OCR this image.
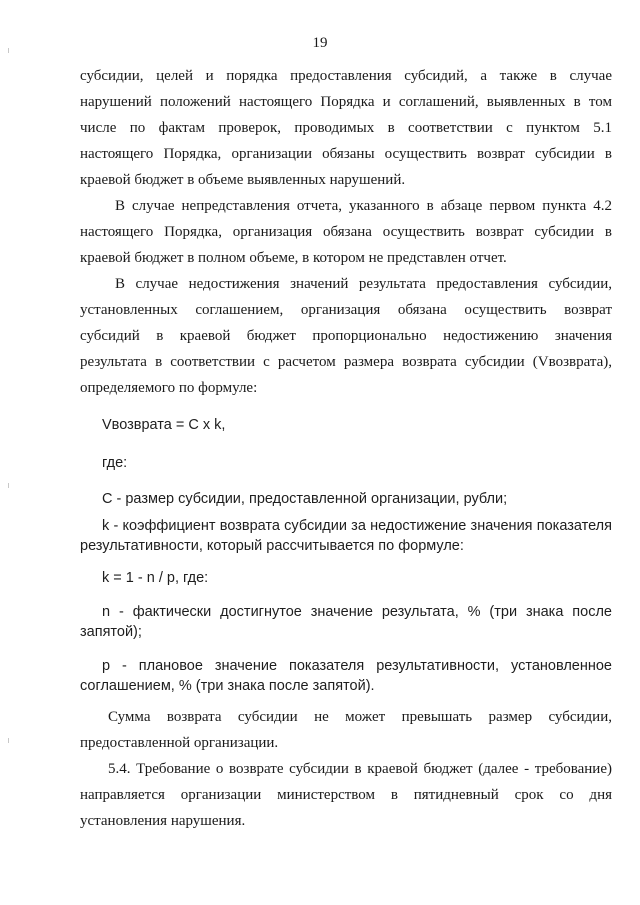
19

субсидии, целей и порядка предоставления субсидий, а также в случае

нарушений положений настоящего Порядка и соглашений, выявленных в том

числе по фактам проверок, проводимых в соответствии с пунктом 5.1

настоящего Порядка, организации обязаны осуществить возврат субсидии в

краевой бюджет в объеме выявленных нарушений.

В случае непредставления отчета, указанного в абзаце первом пункта 4.2

настоящего Порядка, организация обязана осуществить возврат субсидии в

краевой бюджет в полном объеме, в котором не представлен отчет.

В случае недостижения значений результата предоставления субсидии,

установленных соглашением, организация обязана осуществить возврат

субсидий в краевой бюджет пропорционально недостижению значения

результата в соответствии с расчетом размера возврата субсидии (Vвозврата),

определяемого по формуле:

Vвозврата = C x k,

где:

С - размер субсидии, предоставленной организации, рубли;

k - коэффициент возврата субсидии за недостижение значения показателя

результативности, который рассчитывается по формуле:

k = 1 - n / p, где:

n - фактически достигнутое значение результата, % (три знака после

запятой);

p - плановое значение показателя результативности, установленное

соглашением, % (три знака после запятой).

Сумма возврата субсидии не может превышать размер субсидии,

предоставленной организации.

5.4. Требование о возврате субсидии в краевой бюджет (далее - требование)

направляется организации министерством в пятидневный срок со дня

установления нарушения.
